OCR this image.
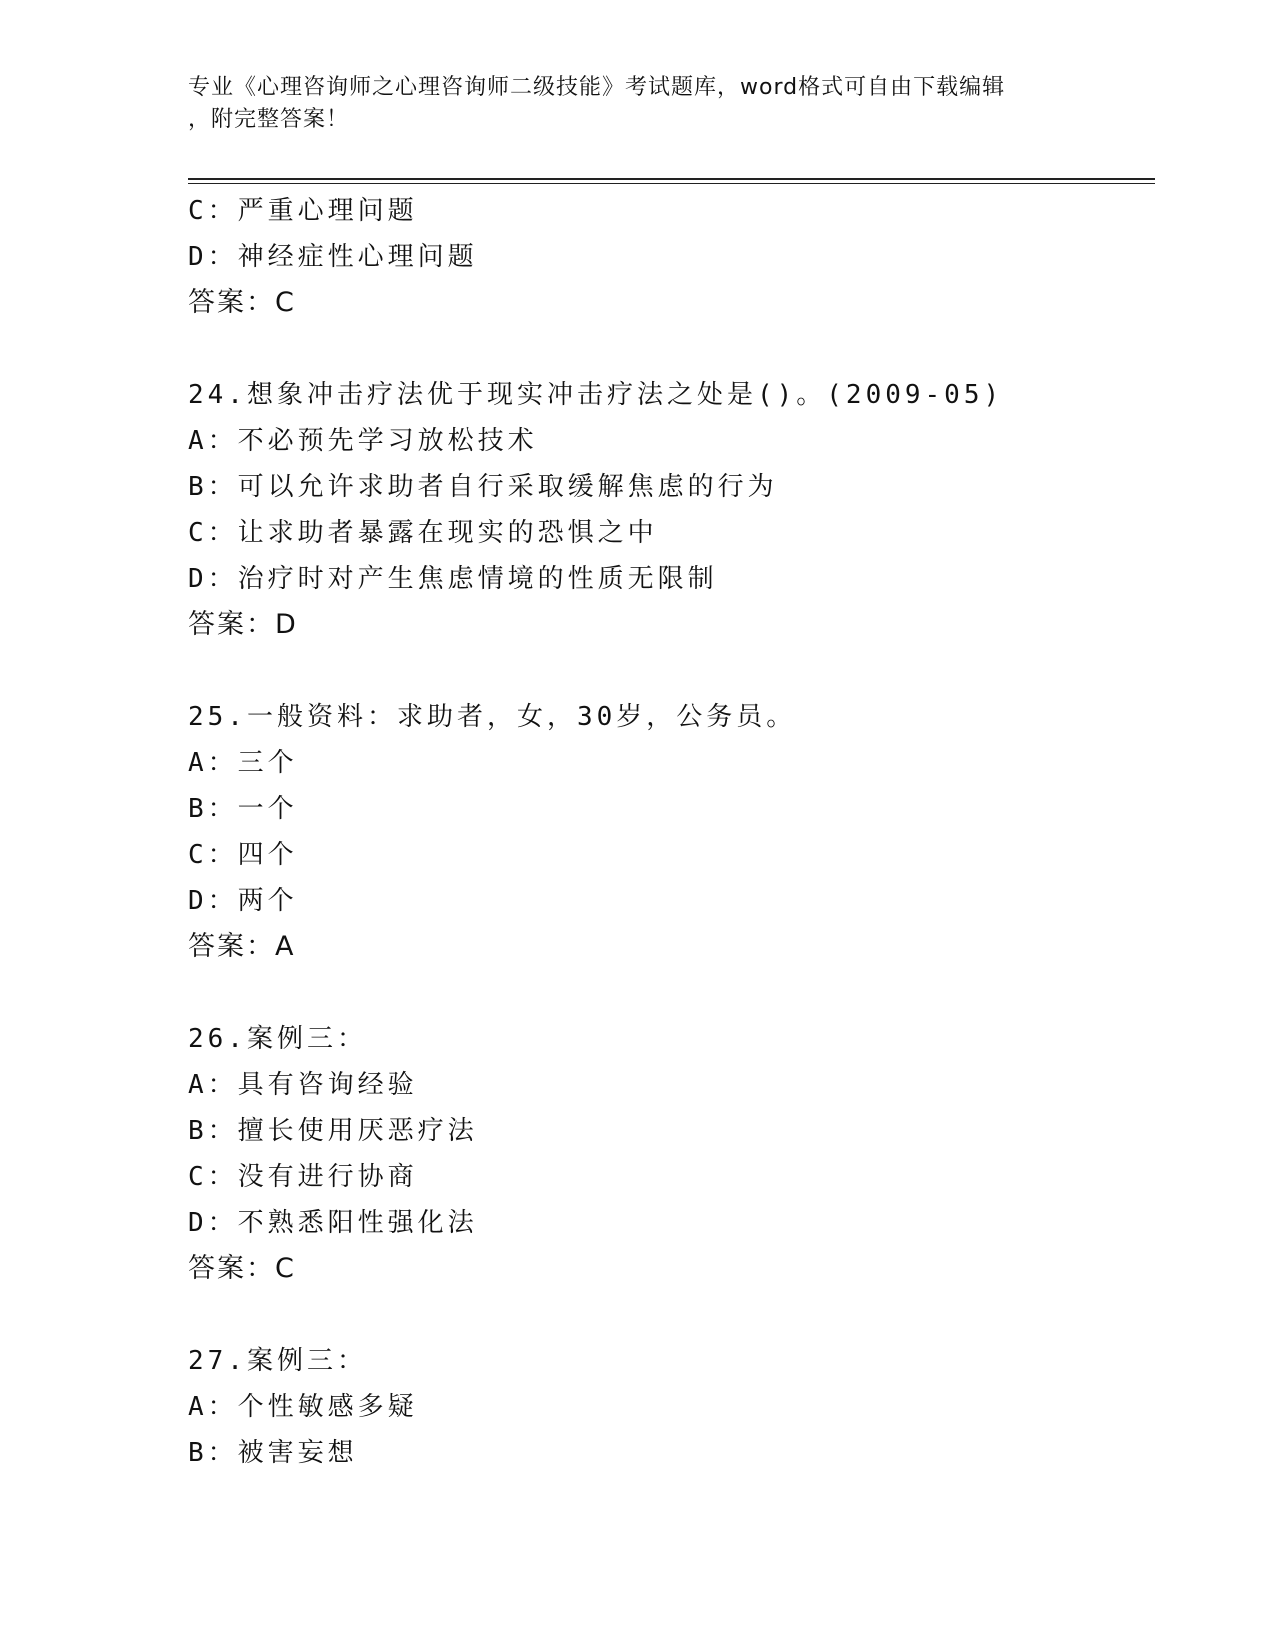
专业《心理咨询师之心理咨询师二级技能》考试题库，word格式可自由下载编辑
，附完整答案！
C：严重心理问题
D：神经症性心理问题
答案：C
24.想象冲击疗法优于现实冲击疗法之处是()。(2009-05)
A：不必预先学习放松技术
B：可以允许求助者自行采取缓解焦虑的行为
C：让求助者暴露在现实的恐惧之中
D：治疗时对产生焦虑情境的性质无限制
答案：D
25.一般资料：求助者，女，30岁，公务员。
A：三个
B：一个
C：四个
D：两个
答案：A
26.案例三：
A：具有咨询经验
B：擅长使用厌恶疗法
C：没有进行协商
D：不熟悉阳性强化法
答案：C
27.案例三：
A：个性敏感多疑
B：被害妄想
